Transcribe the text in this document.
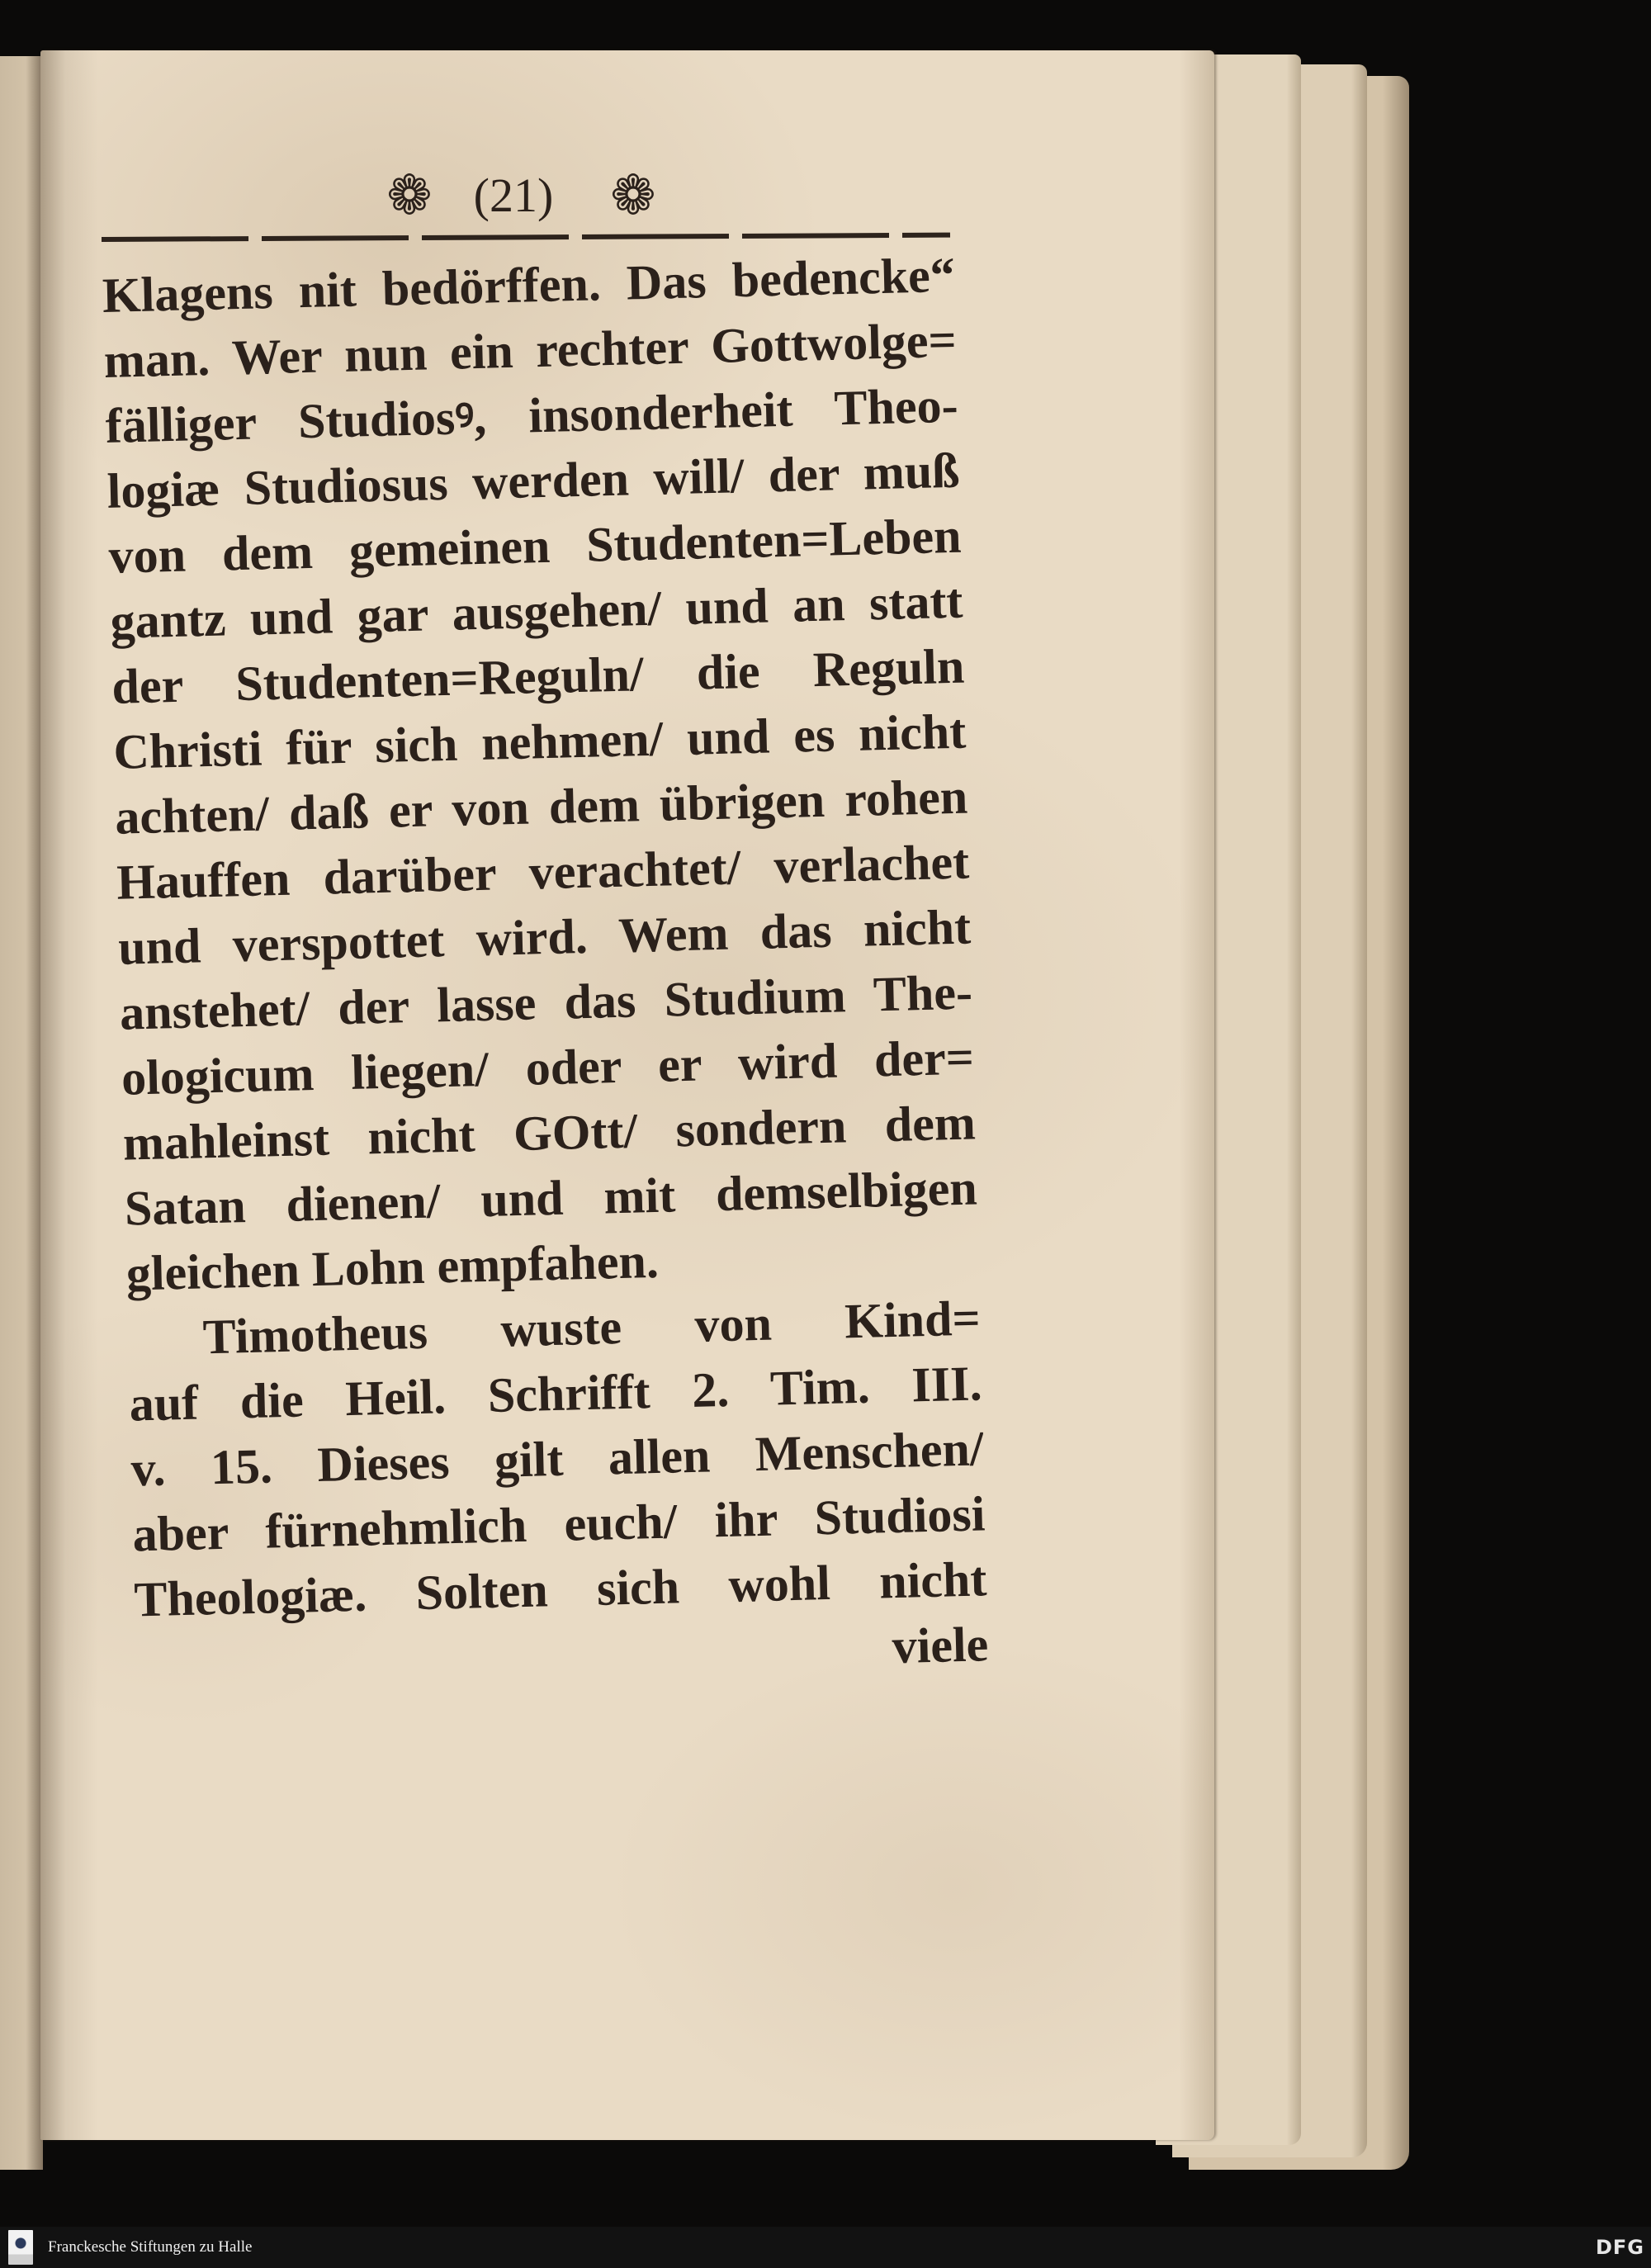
❁
(21)
❁
Klagens nit bedörffen. Das bedencke“
man. Wer nun ein rechter Gottwolge=
fälliger Studiosꝰ, insonderheit Theo-
logiæ Studiosus werden will/ der muß
von dem gemeinen Studenten=Leben
gantz und gar ausgehen/ und an statt
der Studenten=Reguln/ die Reguln
Christi für sich nehmen/ und es nicht
achten/ daß er von dem übrigen rohen
Hauffen darüber verachtet/ verlachet
und verspottet wird. Wem das nicht
anstehet/ der lasse das Studium The-
ologicum liegen/ oder er wird der=
mahleinst nicht GOtt/ sondern dem
Satan dienen/ und mit demselbigen
gleichen Lohn empfahen.
Timotheus wuste von Kind=
auf die Heil. Schrifft 2. Tim. III.
v. 15. Dieses gilt allen Menschen/
aber fürnehmlich euch/ ihr Studiosi
Theologiæ. Solten sich wohl nicht
viele
Franckesche Stiftungen zu Halle	DFG
